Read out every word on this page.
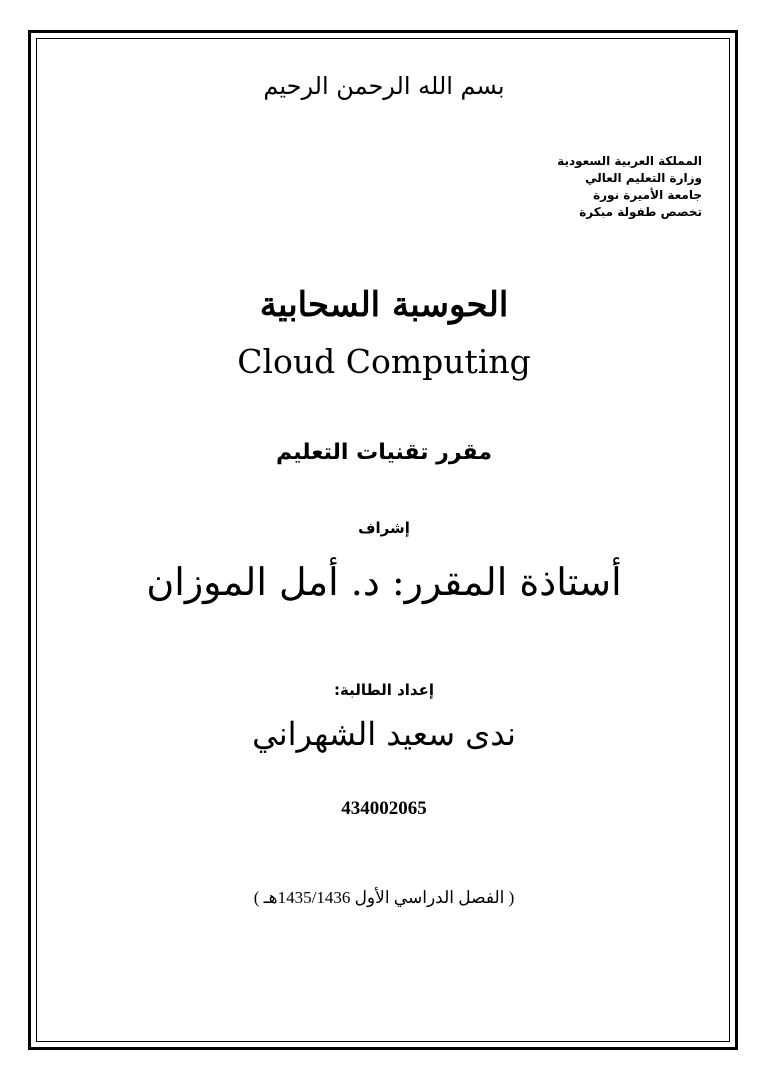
بسم الله الرحمن الرحيم
المملكة العربية السعودية
وزارة التعليم العالي
جامعة الأميرة نورة
تخصص طفولة مبكرة
الحوسبة السحابية
Cloud Computing
مقرر تقنيات التعليم
إشراف
أستاذة المقرر: د. أمل الموزان
إعداد الطالبة:
ندى سعيد الشهراني
434002065
( الفصل الدراسي الأول 1435/1436هـ )
